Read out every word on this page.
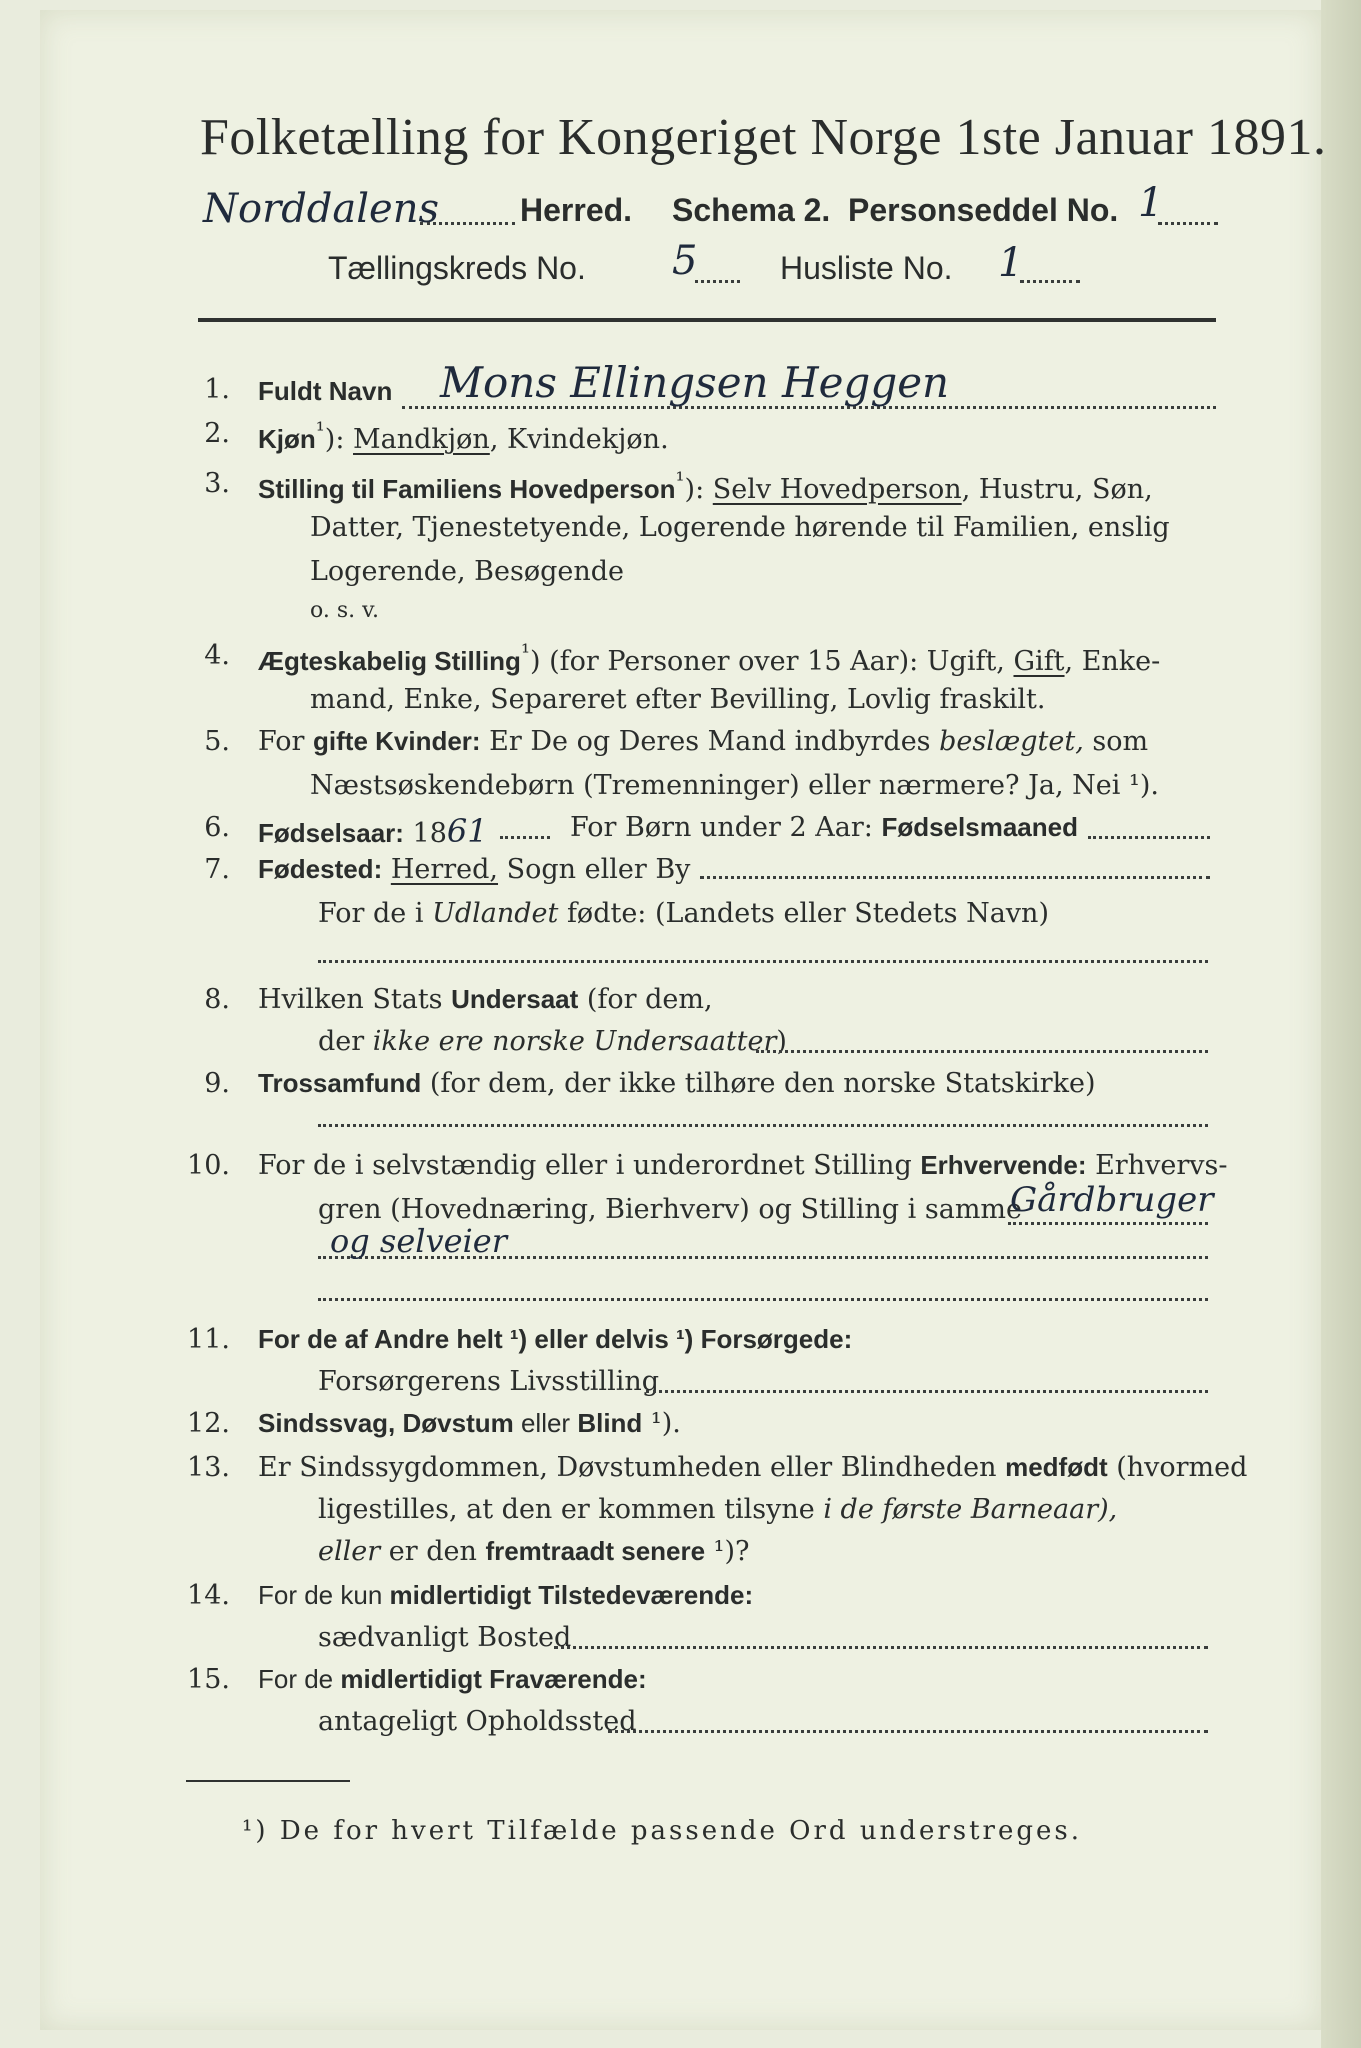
Folketælling for Kongeriget Norge 1ste Januar 1891.
Norddalens	Herred. Schema 2. Personseddel No. 1
Tællingskreds No. 5	Husliste No. 1
1. Fuldt Navn Mons Ellingsen Heggen
2. Kjøn$^{^1}$): Mandkjøn, Kvindekjøn.
3. Stilling til Familiens Hovedperson$^{^1}$): Selv Hovedperson, Hustru, Søn,
Datter, Tjenestetyende, Logerende hørende til Familien, enslig
Logerende, Besøgende
o. s. v.
4. Ægteskabelig Stilling$^{^1}$) (for Personer over 15 Aar): Ugift, Gift, Enke-
mand, Enke, Separeret efter Bevilling, Lovlig fraskilt.
5. For gifte Kvinder: Er De og Deres Mand indbyrdes beslægtet, som
Næstsøskendebørn (Tremenninger) eller nærmere? Ja, Nei ¹).
6. Fødselsaar: 1861	For Børn under 2 Aar: Fødselsmaaned
7. Fødested: Herred, Sogn eller By
For de i Udlandet fødte: (Landets eller Stedets Navn)
8. Hvilken Stats Undersaat (for dem,
der ikke ere norske Undersaatter)
9. Trossamfund (for dem, der ikke tilhøre den norske Statskirke)
10. For de i selvstændig eller i underordnet Stilling Erhvervende: Erhvervs-
gren (Hovednæring, Bierhverv) og Stilling i samme
Gårdbruger
og selveier
11. For de af Andre helt ¹) eller delvis ¹) Forsørgede:
Forsørgerens Livsstilling
12. Sindssvag, Døvstum eller Blind ¹).
13. Er Sindssygdommen, Døvstumheden eller Blindheden medfødt (hvormed
ligestilles, at den er kommen tilsyne i de første Barneaar),
eller er den fremtraadt senere ¹)?
14. For de kun midlertidigt Tilstedeværende:
sædvanligt Bosted
15. For de midlertidigt Fraværende:
antageligt Opholdssted
¹) De for hvert Tilfælde passende Ord understreges.
